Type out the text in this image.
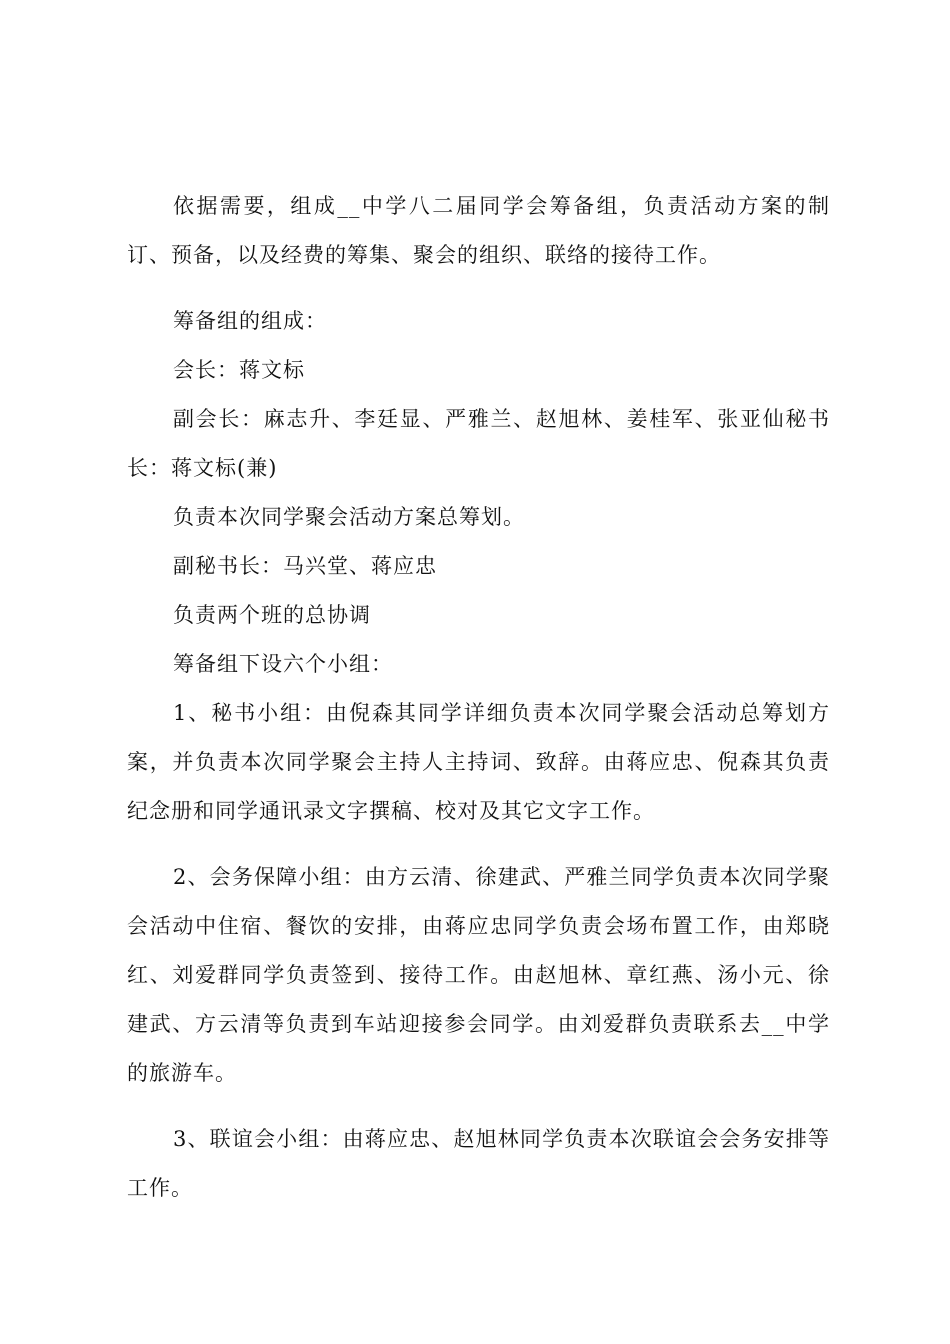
依据需要，组成__中学八二届同学会筹备组，负责活动方案的制订、预备，以及经费的筹集、聚会的组织、联络的接待工作。

筹备组的组成：

会长：蒋文标

副会长：麻志升、李廷显、严雅兰、赵旭林、姜桂军、张亚仙秘书长：蒋文标(兼)

负责本次同学聚会活动方案总筹划。

副秘书长：马兴堂、蒋应忠

负责两个班的总协调

筹备组下设六个小组：

1、秘书小组：由倪森其同学详细负责本次同学聚会活动总筹划方案，并负责本次同学聚会主持人主持词、致辞。由蒋应忠、倪森其负责纪念册和同学通讯录文字撰稿、校对及其它文字工作。

2、会务保障小组：由方云清、徐建武、严雅兰同学负责本次同学聚会活动中住宿、餐饮的安排，由蒋应忠同学负责会场布置工作，由郑晓红、刘爱群同学负责签到、接待工作。由赵旭林、章红燕、汤小元、徐建武、方云清等负责到车站迎接参会同学。由刘爱群负责联系去__中学的旅游车。

3、联谊会小组：由蒋应忠、赵旭林同学负责本次联谊会会务安排等工作。
